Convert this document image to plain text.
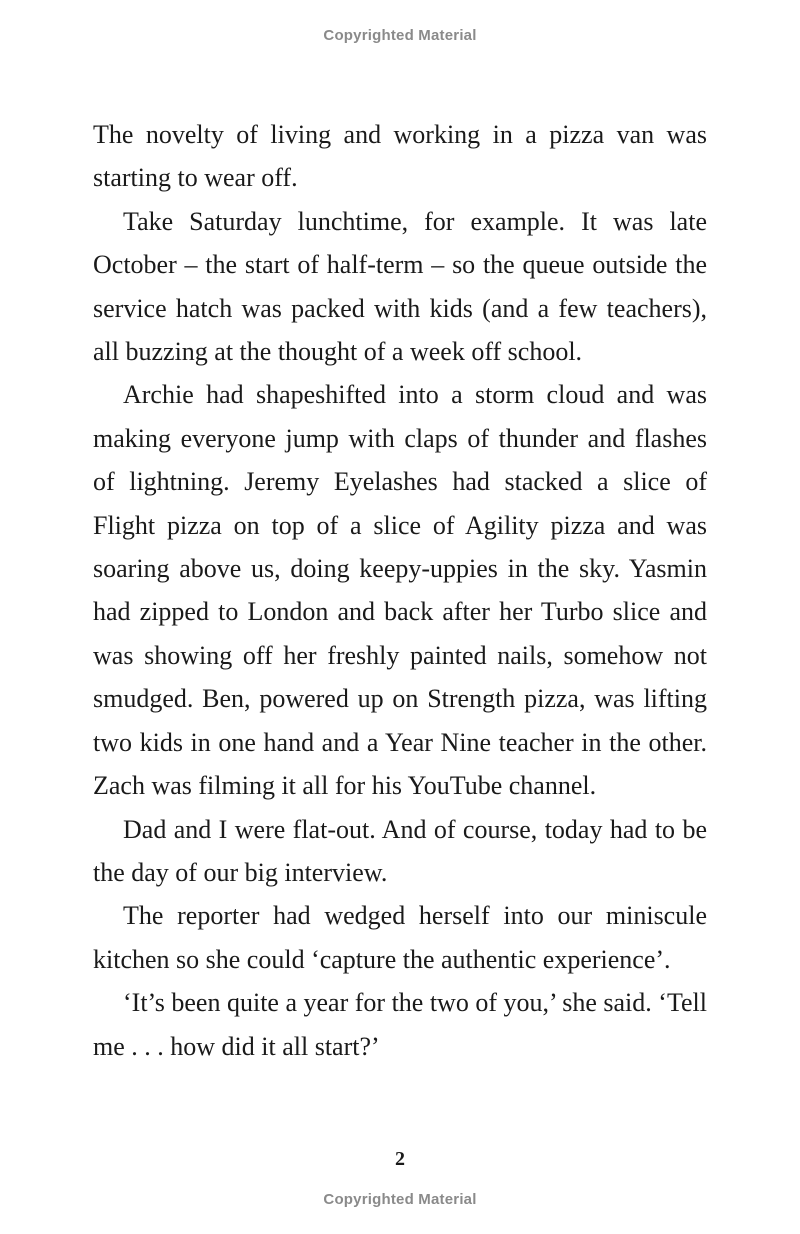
Copyrighted Material

The novelty of living and working in a pizza van was starting to wear off.

Take Saturday lunchtime, for example. It was late October – the start of half-term – so the queue outside the service hatch was packed with kids (and a few teachers), all buzzing at the thought of a week off school.

Archie had shapeshifted into a storm cloud and was making everyone jump with claps of thunder and flashes of lightning. Jeremy Eyelashes had stacked a slice of Flight pizza on top of a slice of Agility pizza and was soaring above us, doing keepy-uppies in the sky. Yasmin had zipped to London and back after her Turbo slice and was showing off her freshly painted nails, somehow not smudged. Ben, powered up on Strength pizza, was lifting two kids in one hand and a Year Nine teacher in the other. Zach was filming it all for his YouTube channel.

Dad and I were flat-out. And of course, today had to be the day of our big interview.

The reporter had wedged herself into our miniscule kitchen so she could ‘capture the authentic experience’.

‘It’s been quite a year for the two of you,’ she said. ‘Tell me . . . how did it all start?’

2
Copyrighted Material
